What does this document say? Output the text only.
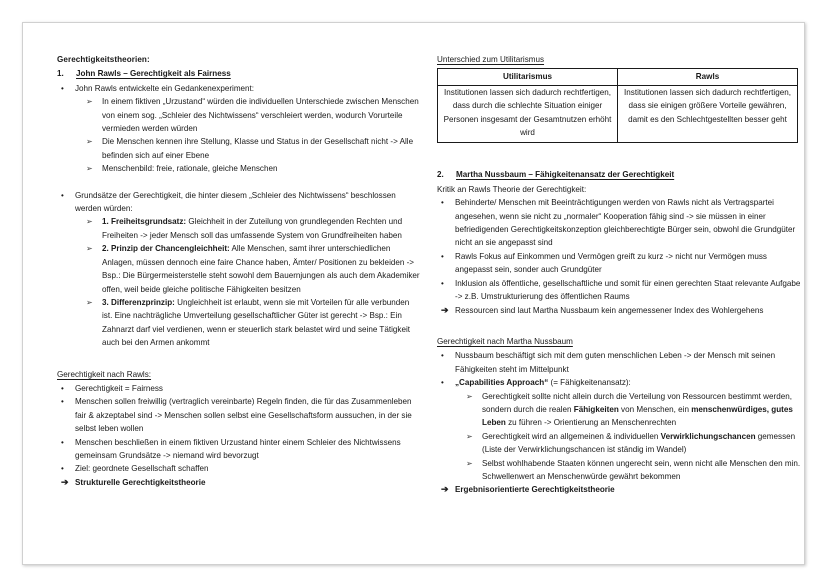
Gerechtigkeitstheorien:
1.	John Rawls – Gerechtigkeit als Fairness
•	John Rawls entwickelte ein Gedankenexperiment:
➢	In einem fiktiven „Urzustand“ würden die individuellen Unterschiede zwischen Menschen von einem sog. „Schleier des Nichtwissens“ verschleiert werden, wodurch Vorurteile vermieden werden würden
➢	Die Menschen kennen ihre Stellung, Klasse und Status in der Gesellschaft nicht -> Alle befinden sich auf einer Ebene
➢	Menschenbild: freie, rationale, gleiche Menschen
•	Grundsätze der Gerechtigkeit, die hinter diesem „Schleier des Nichtwissens“ beschlossen werden würden:
➢	1. Freiheitsgrundsatz: Gleichheit in der Zuteilung von grundlegenden Rechten und Freiheiten -> jeder Mensch soll das umfassende System von Grundfreiheiten haben
➢	2. Prinzip der Chancengleichheit: Alle Menschen, samt ihrer unterschiedlichen Anlagen, müssen dennoch eine faire Chance haben, Ämter/ Positionen zu bekleiden -> Bsp.: Die Bürgermeisterstelle steht sowohl dem Bauernjungen als auch dem Akademiker offen, weil beide gleiche politische Fähigkeiten besitzen
➢	3. Differenzprinzip: Ungleichheit ist erlaubt, wenn sie mit Vorteilen für alle verbunden ist. Eine nachträgliche Umverteilung gesellschaftlicher Güter ist gerecht -> Bsp.: Ein Zahnarzt darf viel verdienen, wenn er steuerlich stark belastet wird und seine Tätigkeit auch bei den Armen ankommt
Gerechtigkeit nach Rawls:
•	Gerechtigkeit = Fairness
•	Menschen sollen freiwillig (vertraglich vereinbarte) Regeln finden, die für das Zusammenleben fair & akzeptabel sind -> Menschen sollen selbst eine Gesellschaftsform aussuchen, in der sie selbst leben wollen
•	Menschen beschließen in einem fiktiven Urzustand hinter einem Schleier des Nichtwissens gemeinsam Grundsätze -> niemand wird bevorzugt
•	Ziel: geordnete Gesellschaft schaffen
➔ Strukturelle Gerechtigkeitstheorie
Unterschied zum Utilitarismus
Utilitarismus	Rawls
Institutionen lassen sich dadurch rechtfertigen, dass durch die schlechte Situation einiger Personen insgesamt der Gesamtnutzen erhöht wird	Institutionen lassen sich dadurch rechtfertigen, dass sie einigen größere Vorteile gewähren, damit es den Schlechtgestellten besser geht
2.	Martha Nussbaum – Fähigkeitenansatz der Gerechtigkeit
Kritik an Rawls Theorie der Gerechtigkeit:
•	Behinderte/ Menschen mit Beeinträchtigungen werden von Rawls nicht als Vertragspartei angesehen, wenn sie nicht zu „normaler“ Kooperation fähig sind -> sie müssen in einer befriedigenden Gerechtigkeitskonzeption gleichberechtigte Bürger sein, obwohl die Grundgüter nicht an sie angepasst sind
•	Rawls Fokus auf Einkommen und Vermögen greift zu kurz -> nicht nur Vermögen muss angepasst sein, sonder auch Grundgüter
•	Inklusion als öffentliche, gesellschaftliche und somit für einen gerechten Staat relevante Aufgabe -> z.B. Umstrukturierung des öffentlichen Raums
➔ Ressourcen sind laut Martha Nussbaum kein angemessener Index des Wohlergehens
Gerechtigkeit nach Martha Nussbaum
•	Nussbaum beschäftigt sich mit dem guten menschlichen Leben -> der Mensch mit seinen Fähigkeiten steht im Mittelpunkt
•	„Capabilities Approach“ (= Fähigkeitenansatz):
➢	Gerechtigkeit sollte nicht allein durch die Verteilung von Ressourcen bestimmt werden, sondern durch die realen Fähigkeiten von Menschen, ein menschenwürdiges, gutes Leben zu führen -> Orientierung an Menschenrechten
➢	Gerechtigkeit wird an allgemeinen & individuellen Verwirklichungschancen gemessen (Liste der Verwirklichungschancen ist ständig im Wandel)
➢	Selbst wohlhabende Staaten können ungerecht sein, wenn nicht alle Menschen den min. Schwellenwert an Menschenwürde gewährt bekommen
➔ Ergebnisorientierte Gerechtigkeitstheorie
